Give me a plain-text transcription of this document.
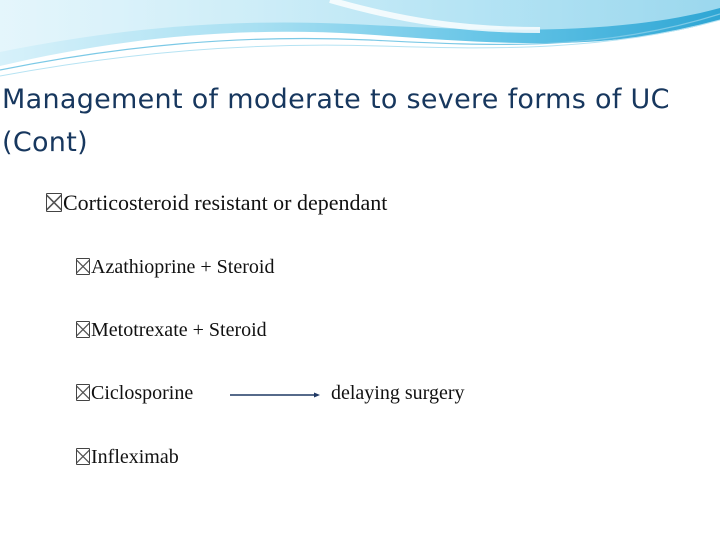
Management of moderate to severe forms of UC
(Cont)
Corticosteroid resistant or dependant
Azathioprine + Steroid
Metotrexate + Steroid
Ciclosporine	delaying surgery
Infleximab
